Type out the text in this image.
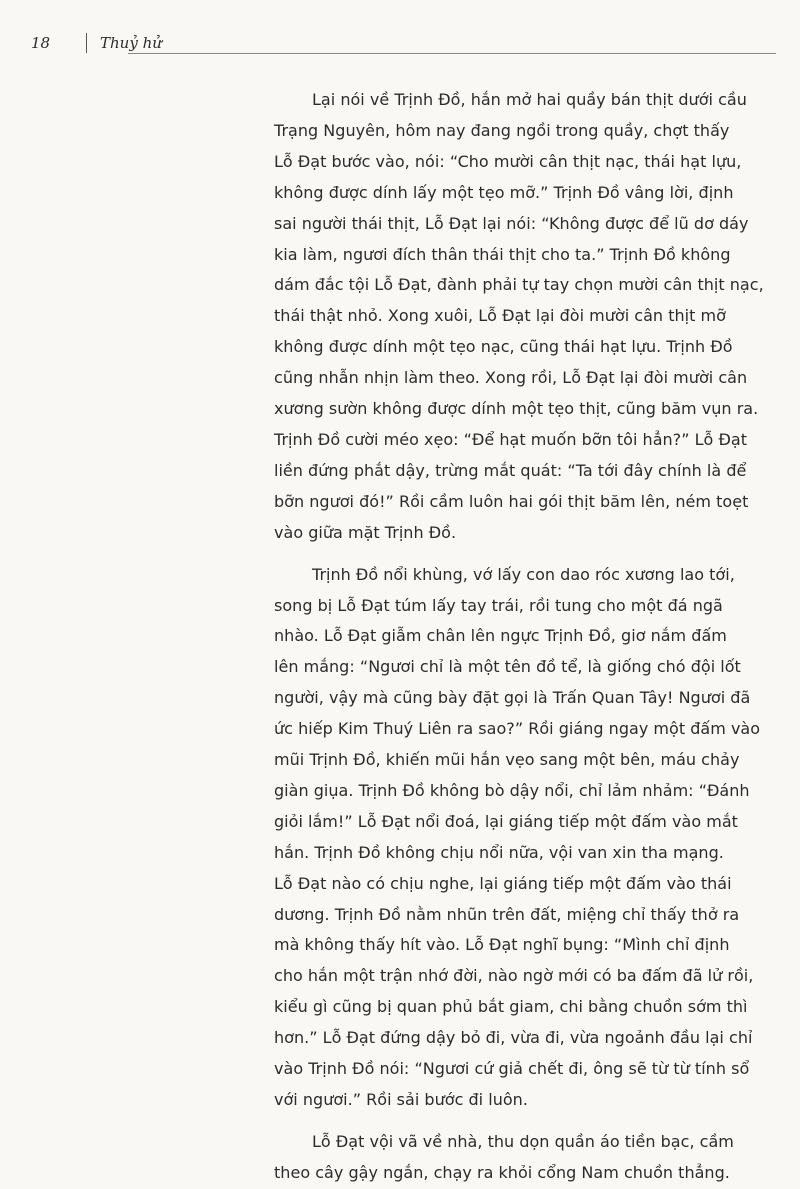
18	Thuỷ hử

Lại nói về Trịnh Đồ, hắn mở hai quầy bán thịt dưới cầu
Trạng Nguyên, hôm nay đang ngồi trong quầy, chợt thấy
Lỗ Đạt bước vào, nói: “Cho mười cân thịt nạc, thái hạt lựu,
không được dính lấy một tẹo mỡ.” Trịnh Đồ vâng lời, định
sai người thái thịt, Lỗ Đạt lại nói: “Không được để lũ dơ dáy
kia làm, ngươi đích thân thái thịt cho ta.” Trịnh Đồ không
dám đắc tội Lỗ Đạt, đành phải tự tay chọn mười cân thịt nạc,
thái thật nhỏ. Xong xuôi, Lỗ Đạt lại đòi mười cân thịt mỡ
không được dính một tẹo nạc, cũng thái hạt lựu. Trịnh Đồ
cũng nhẫn nhịn làm theo. Xong rồi, Lỗ Đạt lại đòi mười cân
xương sườn không được dính một tẹo thịt, cũng băm vụn ra.
Trịnh Đồ cười méo xẹo: “Để hạt muốn bỡn tôi hẳn?” Lỗ Đạt
liền đứng phắt dậy, trừng mắt quát: “Ta tới đây chính là để
bỡn ngươi đó!” Rồi cầm luôn hai gói thịt băm lên, ném toẹt
vào giữa mặt Trịnh Đồ.

Trịnh Đồ nổi khùng, vớ lấy con dao róc xương lao tới,
song bị Lỗ Đạt túm lấy tay trái, rồi tung cho một đá ngã
nhào. Lỗ Đạt giẫm chân lên ngực Trịnh Đồ, giơ nắm đấm
lên mắng: “Ngươi chỉ là một tên đồ tể, là giống chó đội lốt
người, vậy mà cũng bày đặt gọi là Trấn Quan Tây! Ngươi đã
ức hiếp Kim Thuý Liên ra sao?” Rồi giáng ngay một đấm vào
mũi Trịnh Đồ, khiến mũi hắn vẹo sang một bên, máu chảy
giàn giụa. Trịnh Đồ không bò dậy nổi, chỉ lảm nhảm: “Đánh
giỏi lắm!” Lỗ Đạt nổi đoá, lại giáng tiếp một đấm vào mắt
hắn. Trịnh Đồ không chịu nổi nữa, vội van xin tha mạng.
Lỗ Đạt nào có chịu nghe, lại giáng tiếp một đấm vào thái
dương. Trịnh Đồ nằm nhũn trên đất, miệng chỉ thấy thở ra
mà không thấy hít vào. Lỗ Đạt nghĩ bụng: “Mình chỉ định
cho hắn một trận nhớ đời, nào ngờ mới có ba đấm đã lử rồi,
kiểu gì cũng bị quan phủ bắt giam, chi bằng chuồn sớm thì
hơn.” Lỗ Đạt đứng dậy bỏ đi, vừa đi, vừa ngoảnh đầu lại chỉ
vào Trịnh Đồ nói: “Ngươi cứ giả chết đi, ông sẽ từ từ tính sổ
với ngươi.” Rồi sải bước đi luôn.

Lỗ Đạt vội vã về nhà, thu dọn quần áo tiền bạc, cầm
theo cây gậy ngắn, chạy ra khỏi cổng Nam chuồn thẳng.
